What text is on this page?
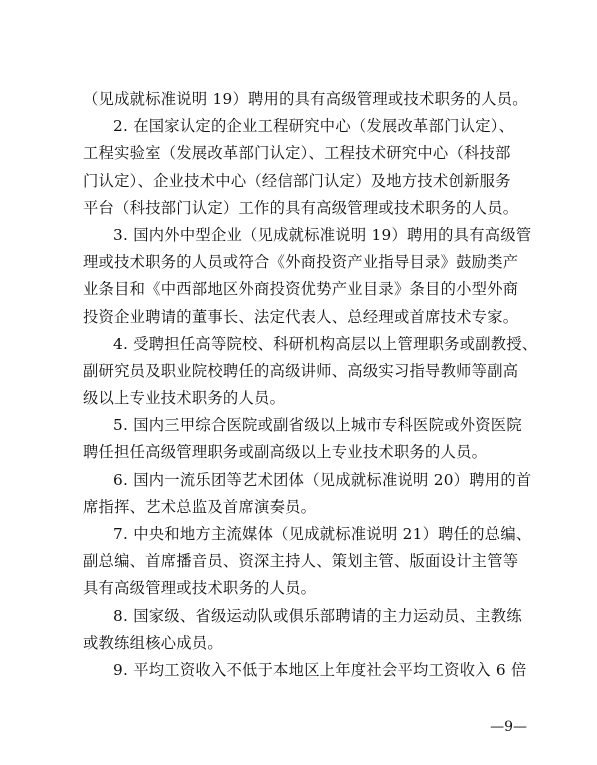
（见成就标准说明 19）聘用的具有高级管理或技术职务的人员。
2. 在国家认定的企业工程研究中心（发展改革部门认定）、
工程实验室（发展改革部门认定）、工程技术研究中心（科技部
门认定）、企业技术中心（经信部门认定）及地方技术创新服务
平台（科技部门认定）工作的具有高级管理或技术职务的人员。
3. 国内外中型企业（见成就标准说明 19）聘用的具有高级管
理或技术职务的人员或符合《外商投资产业指导目录》鼓励类产
业条目和《中西部地区外商投资优势产业目录》条目的小型外商
投资企业聘请的董事长、法定代表人、总经理或首席技术专家。
4. 受聘担任高等院校、科研机构高层以上管理职务或副教授、
副研究员及职业院校聘任的高级讲师、高级实习指导教师等副高
级以上专业技术职务的人员。
5. 国内三甲综合医院或副省级以上城市专科医院或外资医院
聘任担任高级管理职务或副高级以上专业技术职务的人员。
6. 国内一流乐团等艺术团体（见成就标准说明 20）聘用的首
席指挥、艺术总监及首席演奏员。
7. 中央和地方主流媒体（见成就标准说明 21）聘任的总编、
副总编、首席播音员、资深主持人、策划主管、版面设计主管等
具有高级管理或技术职务的人员。
8. 国家级、省级运动队或俱乐部聘请的主力运动员、主教练
或教练组核心成员。
9. 平均工资收入不低于本地区上年度社会平均工资收入 6 倍
—9—
